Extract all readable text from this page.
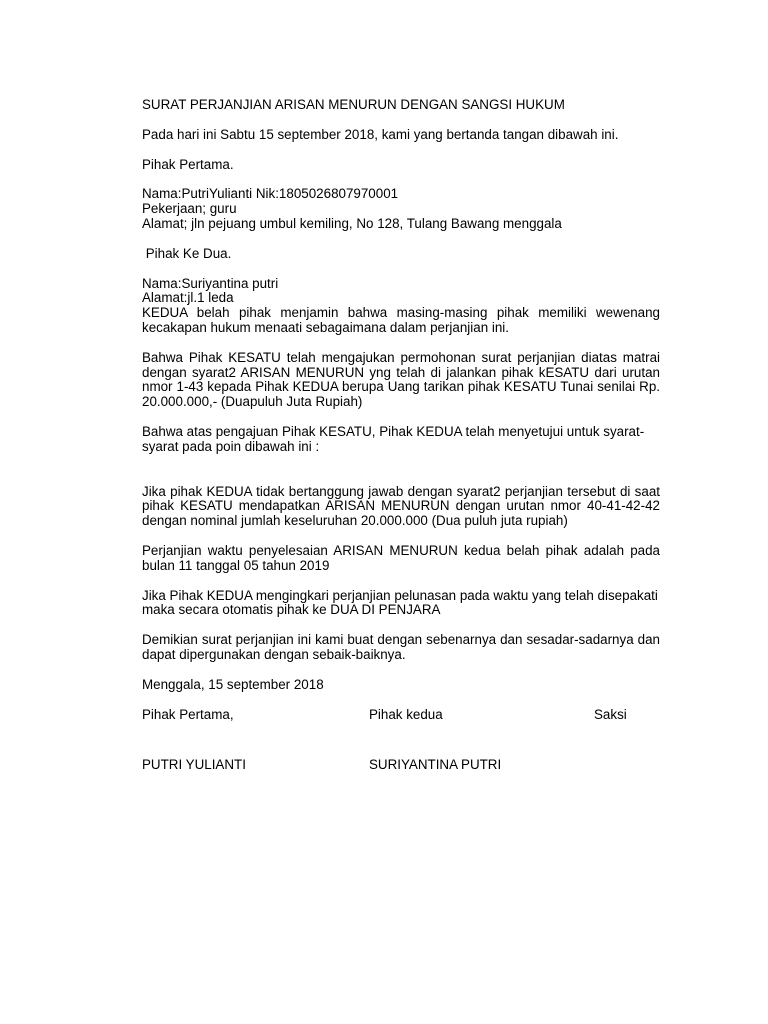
SURAT PERJANJIAN ARISAN MENURUN DENGAN SANGSI HUKUM

Pada hari ini Sabtu 15 september 2018, kami yang bertanda tangan dibawah ini.

Pihak Pertama.

Nama:PutriYulianti Nik:1805026807970001

Pekerjaan; guru

Alamat; jln pejuang umbul kemiling, No 128, Tulang Bawang menggala

Pihak Ke Dua.

Nama:Suriyantina putri

Alamat:jl.1 leda

KEDUA belah pihak menjamin bahwa masing-masing pihak memiliki wewenang kecakapan hukum menaati sebagaimana dalam perjanjian ini.

Bahwa Pihak KESATU telah mengajukan permohonan surat perjanjian diatas matrai dengan syarat2 ARISAN MENURUN yng telah di jalankan pihak kESATU dari urutan nmor 1-43 kepada Pihak KEDUA berupa Uang tarikan pihak KESATU Tunai senilai Rp. 20.000.000,- (Duapuluh Juta Rupiah)

Bahwa atas pengajuan Pihak KESATU, Pihak KEDUA telah menyetujui untuk syarat-syarat pada poin dibawah ini :

Jika pihak KEDUA tidak bertanggung jawab dengan syarat2 perjanjian tersebut di saat pihak KESATU mendapatkan ARISAN MENURUN dengan urutan nmor 40-41-42-42 dengan nominal jumlah keseluruhan 20.000.000 (Dua puluh juta rupiah)

Perjanjian waktu penyelesaian ARISAN MENURUN kedua belah pihak adalah pada bulan 11 tanggal 05 tahun 2019

Jika Pihak KEDUA mengingkari perjanjian pelunasan pada waktu yang telah disepakati maka secara otomatis pihak ke DUA DI PENJARA

Demikian surat perjanjian ini kami buat dengan sebenarnya dan sesadar-sadarnya dan dapat dipergunakan dengan sebaik-baiknya.

Menggala, 15 september 2018

Pihak Pertama,	Pihak kedua	Saksi
PUTRI YULIANTI	SURIYANTINA PUTRI
